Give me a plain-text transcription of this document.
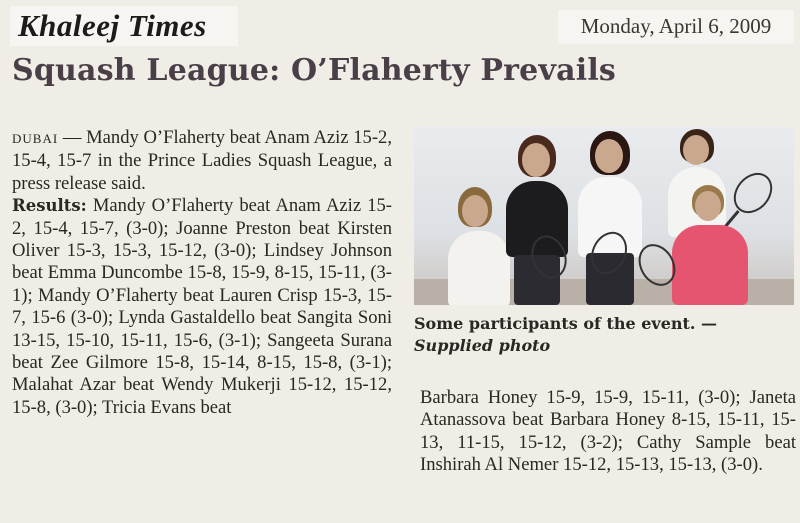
Khaleej Times	Monday, April 6, 2009
Squash League: O’Flaherty Prevails

DUBAI — Mandy O’Flaherty beat Anam Aziz 15-2, 15-4, 15-7 in the Prince Ladies Squash League, a press release said.

Results: Mandy O’Flaherty beat Anam Aziz 15-2, 15-4, 15-7, (3-0); Joanne Preston beat Kirsten Oliver 15-3, 15-3, 15-12, (3-0); Lindsey Johnson beat Emma Duncombe 15-8, 15-9, 8-15, 15-11, (3-1); Mandy O’Flaherty beat Lauren Crisp 15-3, 15-7, 15-6 (3-0); Lynda Gastaldello beat Sangita Soni 13-15, 15-10, 15-11, 15-6, (3-1); Sangeeta Surana beat Zee Gilmore 15-8, 15-14, 8-15, 15-8, (3-1); Malahat Azar beat Wendy Mukerji 15-12, 15-12, 15-8, (3-0); Tricia Evans beat

Some participants of the event. —
Supplied photo

Barbara Honey 15-9, 15-9, 15-11, (3-0); Janeta Atanassova beat Barbara Honey 8-15, 15-11, 15-13, 11-15, 15-12, (3-2); Cathy Sample beat Inshirah Al Nemer 15-12, 15-13, 15-13, (3-0).
